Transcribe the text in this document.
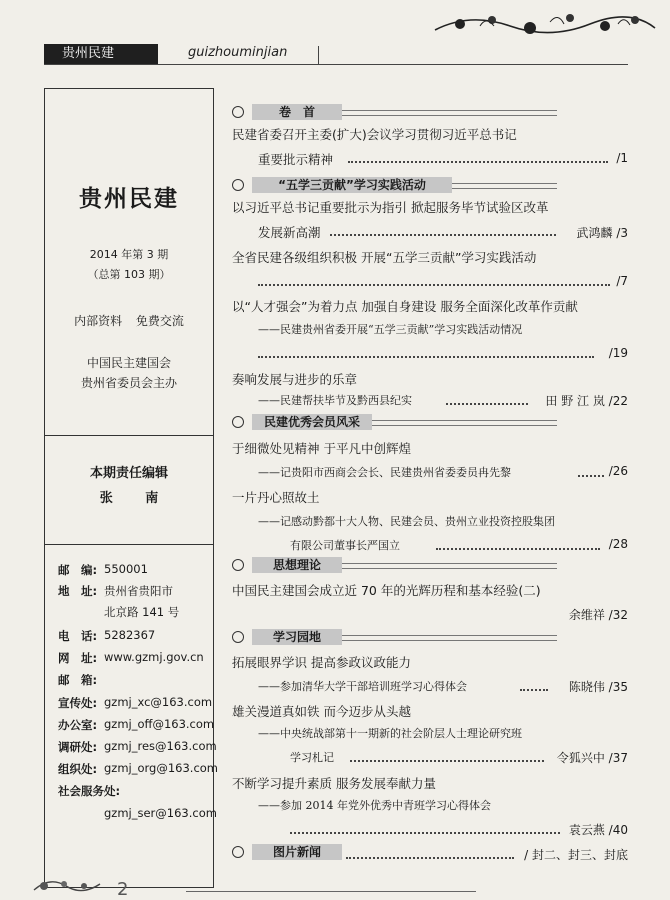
贵州民建	guizhouminjian
贵州民建
2014 年第 3 期
（总第 103 期）
内部资料 免费交流
中国民主建国会
贵州省委员会主办
本期责任编辑
张 南
邮　编: 550001
地　址: 贵州省贵阳市
北京路 141 号
电　话: 5282367
网　址: www.gzmj.gov.cn
邮　箱:
宣传处: gzmj_xc@163.com
办公室: gzmj_off@163.com
调研处: gzmj_res@163.com
组织处: gzmj_org@163.com
社会服务处:
gzmj_ser@163.com
卷　首
“五学三贡献”学习实践活动
民建优秀会员风采
思想理论
学习园地
图片新闻
民建省委召开主委(扩大)会议学习贯彻习近平总书记
重要批示精神	/1
以习近平总书记重要批示为指引 掀起服务毕节试验区改革
发展新高潮	武鸿麟 /3
全省民建各级组织积极 开展“五学三贡献”学习实践活动
/7
以“人才强会”为着力点 加强自身建设 服务全面深化改革作贡献
——民建贵州省委开展“五学三贡献”学习实践活动情况
/19
奏响发展与进步的乐章
——民建帮扶毕节及黔西县纪实	田 野 江 岚 /22
于细微处见精神 于平凡中创辉煌
——记贵阳市西商会会长、民建贵州省委委员冉先黎	/26
一片丹心照故土
——记感动黔都十大人物、民建会员、贵州立业投资控股集团
有限公司董事长严国立	/28
中国民主建国会成立近 70 年的光辉历程和基本经验(二)
余维祥 /32
拓展眼界学识 提高参政议政能力
——参加清华大学干部培训班学习心得体会	陈晓伟 /35
雄关漫道真如铁 而今迈步从头越
——中央统战部第十一期新的社会阶层人士理论研究班
学习札记	令狐兴中 /37
不断学习提升素质 服务发展奉献力量
——参加 2014 年党外优秀中青班学习心得体会
袁云燕 /40
/ 封二、封三、封底
2
